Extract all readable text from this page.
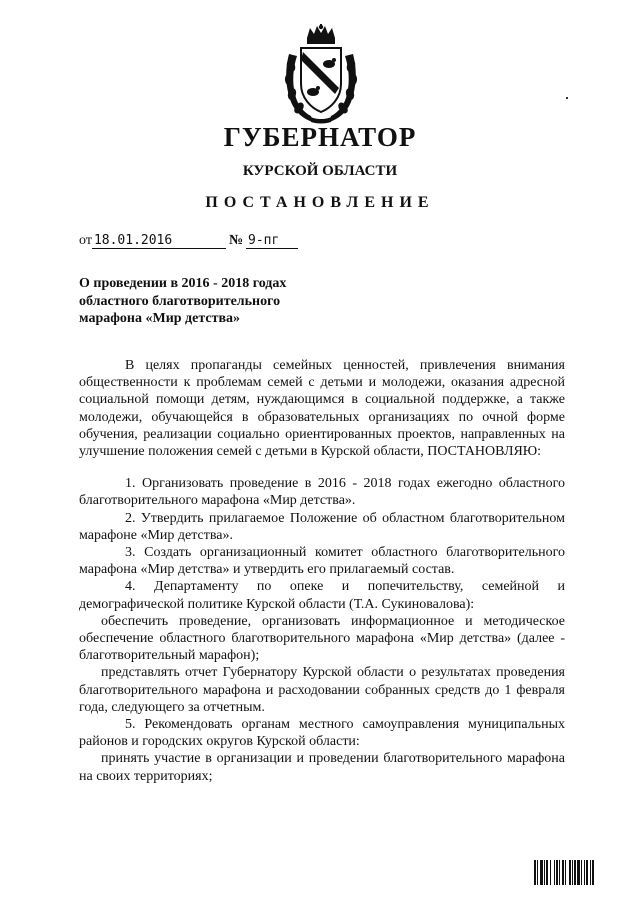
ГУБЕРНАТОР
КУРСКОЙ ОБЛАСТИ
ПОСТАНОВЛЕНИЕ
от 18.01.2016	№ 9-пг
О проведении в 2016 - 2018 годах
областного благотворительного
марафона «Мир детства»

В целях пропаганды семейных ценностей, привлечения внимания общественности к проблемам семей с детьми и молодежи, оказания адресной социальной помощи детям, нуждающимся в социальной поддержке, а также молодежи, обучающейся в образовательных организациях по очной форме обучения, реализации социально ориентированных проектов, направленных на улучшение положения семей с детьми в Курской области, ПОСТАНОВЛЯЮ:

1. Организовать проведение в 2016 - 2018 годах ежегодно областного благотворительного марафона «Мир детства».

2. Утвердить прилагаемое Положение об областном благотворительном марафоне «Мир детства».

3. Создать организационный комитет областного благотворительного марафона «Мир детства» и утвердить его прилагаемый состав.

4. Департаменту по опеке и попечительству, семейной и демографической политике Курской области (Т.А. Сукиновалова):

обеспечить проведение, организовать информационное и методическое обеспечение областного благотворительного марафона «Мир детства» (далее - благотворительный марафон);

представлять отчет Губернатору Курской области о результатах проведения благотворительного марафона и расходовании собранных средств до 1 февраля года, следующего за отчетным.

5. Рекомендовать органам местного самоуправления муниципальных районов и городских округов Курской области:

принять участие в организации и проведении благотворительного марафона на своих территориях;
